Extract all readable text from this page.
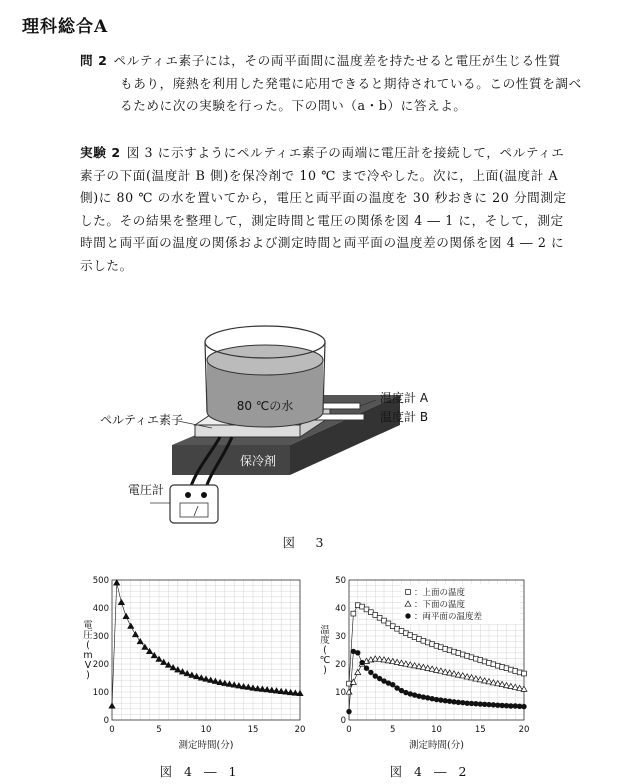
理科総合A
問 2 ペルティエ素子には，その両平面間に温度差を持たせると電圧が生じる性質
もあり，廃熱を利用した発電に応用できると期待されている。この性質を調べ
るために次の実験を行った。下の問い（a・b）に答えよ。
実験 2 図 3 に示すようにペルティエ素子の両端に電圧計を接続して，ペルティエ
素子の下面(温度計 B 側)を保冷剤で 10 ℃ まで冷やした。次に，上面(温度計 A
側)に 80 ℃ の水を置いてから，電圧と両平面の温度を 30 秒おきに 20 分間測定
した。その結果を整理して，測定時間と電圧の関係を図 4 ― 1 に，そして，測定
時間と両平面の温度の関係および測定時間と両平面の温度差の関係を図 4 ― 2 に
示した。
80 ℃の水
ペルティエ素子
温度計 A
温度計 B
保冷剤
電圧計
図　3
0	5	10	15	20
0
100
200
300
400
500
測定時間(分)
電圧( m V )
図 4 ― 1
0	5	10	15	20
0
10
20
30
40
50
測定時間(分)
温度( ℃ )
：上面の温度
：下面の温度
：両平面の温度差
図 4 ― 2
